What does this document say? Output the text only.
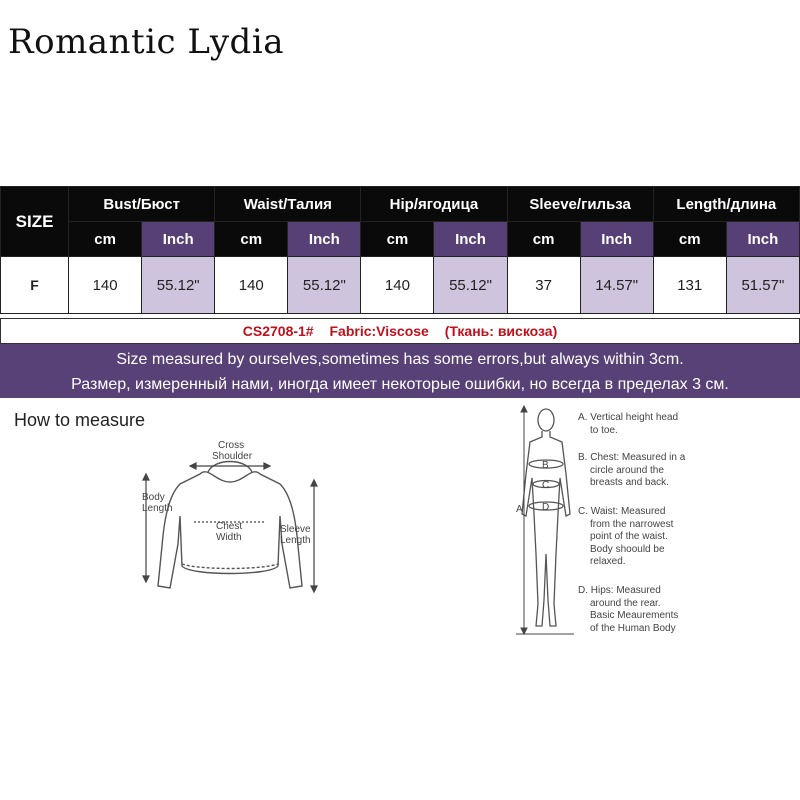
Romantic Lydia
SIZE	Bust/Бюст		Waist/Талия		Hip/ягодица		Sleeve/гильза		Length/длина	
	cm	Inch	cm	Inch	cm	Inch	cm	Inch	cm	Inch
F	140	55.12"	140	55.12"	140	55.12"	37	14.57"	131	51.57"
CS2708-1# Fabric:Viscose (Ткань: вискоза)
Size measured by ourselves,sometimes has some errors,but always within 3cm.
Размер, измеренный нами, иногда имеет некоторые ошибки, но всегда в пределах 3 см.
How to measure
Cross
Shoulder
Body
Length
Chest
Width
Sleeve
Length
A
B
C
D
A. Vertical height head
to toe.
B. Chest: Measured in a
circle around the
breasts and back.
C. Waist: Measured
from the narrowest
point of the waist.
Body shoould be
relaxed.
D. Hips: Measured
around the rear.
Basic Meaurements
of the Human Body
